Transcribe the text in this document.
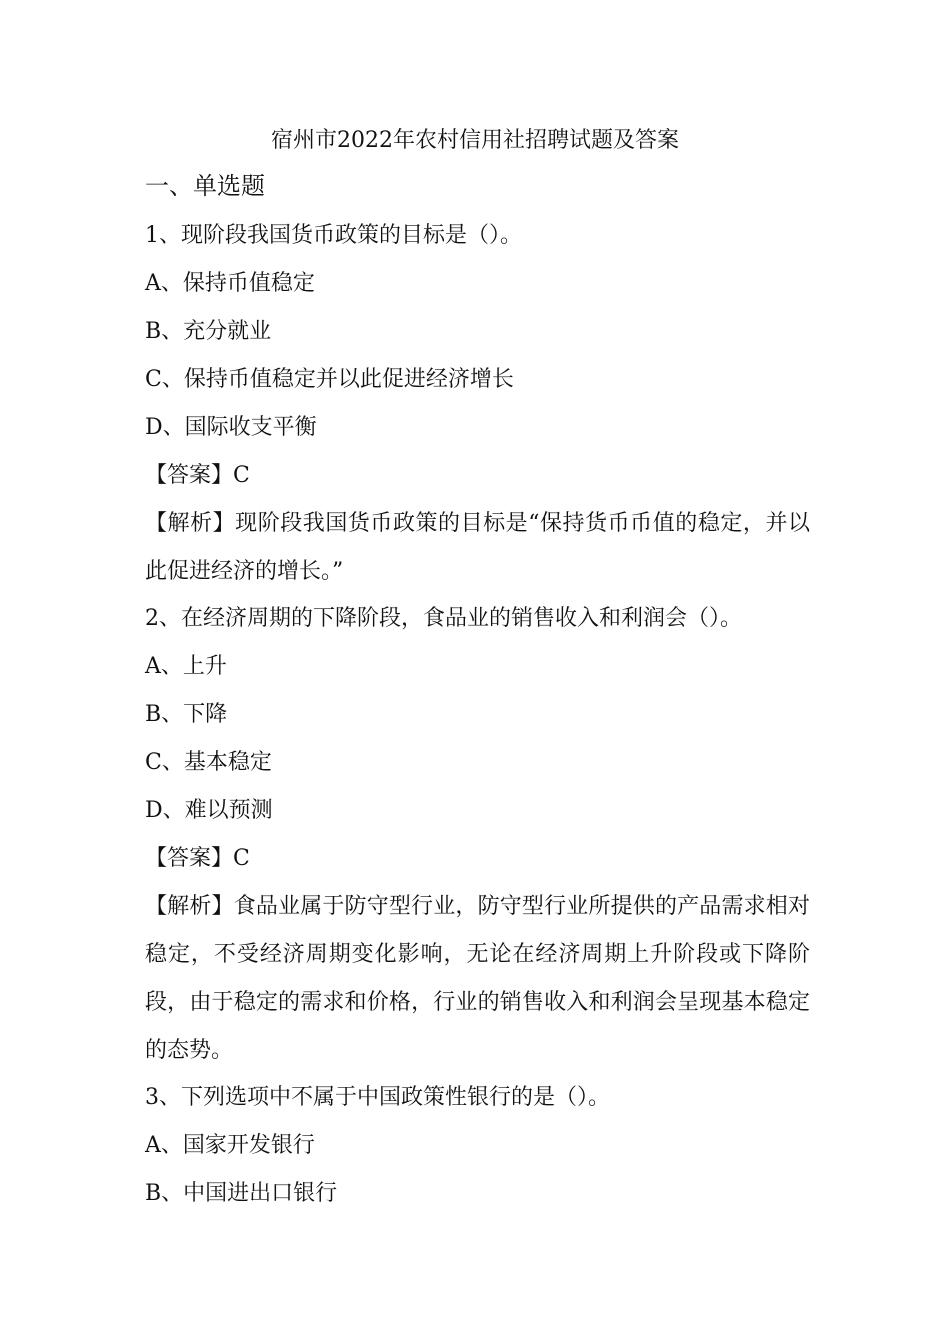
宿州市2022年农村信用社招聘试题及答案
一、单选题
1、现阶段我国货币政策的目标是（）。
A、保持币值稳定
B、充分就业
C、保持币值稳定并以此促进经济增长
D、国际收支平衡
【答案】C
【解析】现阶段我国货币政策的目标是“保持货币币值的稳定，并以此促进经济的增长。”
2、在经济周期的下降阶段，食品业的销售收入和利润会（）。
A、上升
B、下降
C、基本稳定
D、难以预测
【答案】C
【解析】食品业属于防守型行业，防守型行业所提供的产品需求相对稳定，不受经济周期变化影响，无论在经济周期上升阶段或下降阶段，由于稳定的需求和价格，行业的销售收入和利润会呈现基本稳定的态势。
3、下列选项中不属于中国政策性银行的是（）。
A、国家开发银行
B、中国进出口银行
